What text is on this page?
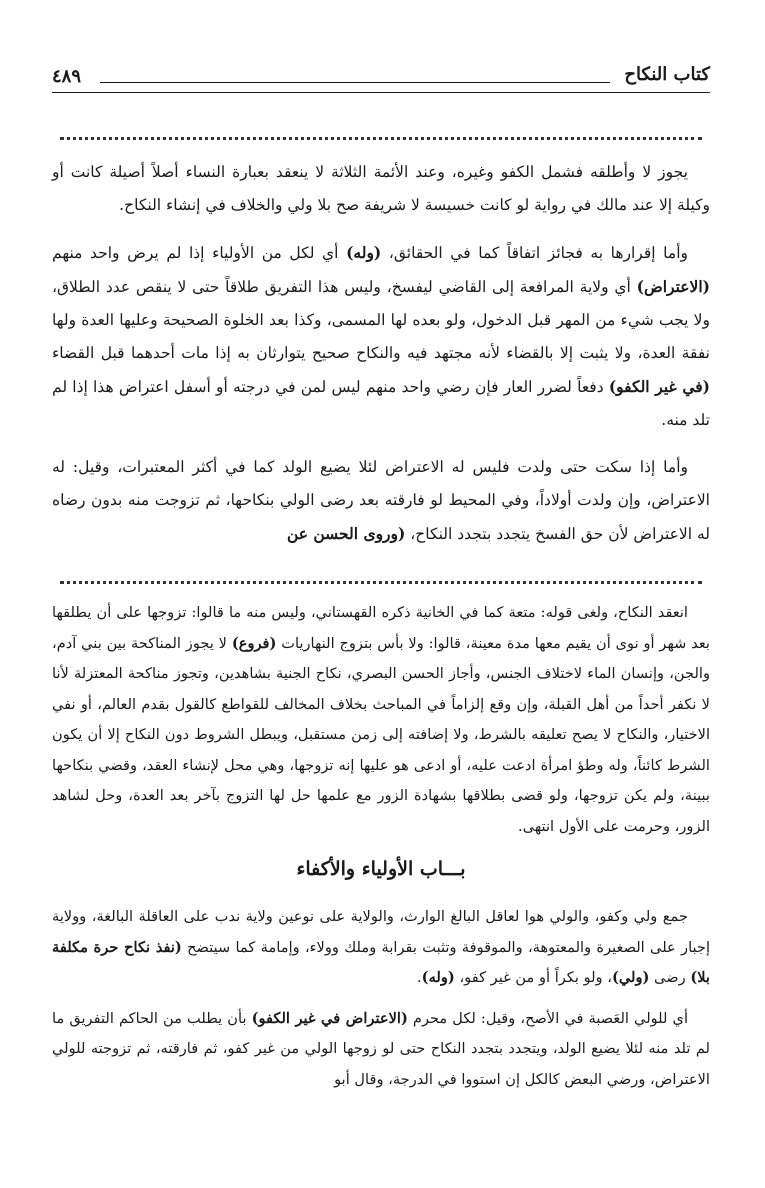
٤٨٩	كتاب النكاح

يجوز لا وأطلقه فشمل الكفو وغيره، وعند الأئمة الثلاثة لا ينعقد بعبارة النساء أصلاً أصيلة كانت أو وكيلة إلا عند مالك في رواية لو كانت خسيسة لا شريفة صح بلا ولي والخلاف في إنشاء النكاح.

وأما إقرارها به فجائز اتفاقاً كما في الحقائق، (وله) أي لكل من الأولياء إذا لم يرض واحد منهم (الاعتراض) أي ولاية المرافعة إلى القاضي ليفسخ، وليس هذا التفريق طلاقاً حتى لا ينقص عدد الطلاق، ولا يجب شيء من المهر قبل الدخول، ولو بعده لها المسمى، وكذا بعد الخلوة الصحيحة وعليها العدة ولها نفقة العدة، ولا يثبت إلا بالقضاء لأنه مجتهد فيه والنكاح صحيح يتوارثان به إذا مات أحدهما قبل القضاء (في غير الكفو) دفعاً لضرر العار فإن رضي واحد منهم ليس لمن في درجته أو أسفل اعتراض هذا إذا لم تلد منه.

وأما إذا سكت حتى ولدت فليس له الاعتراض لئلا يضيع الولد كما في أكثر المعتبرات، وقيل: له الاعتراض، وإن ولدت أولاداً، وفي المحيط لو فارقته بعد رضى الولي بنكاحها، ثم تزوجت منه بدون رضاه له الاعتراض لأن حق الفسخ يتجدد بتجدد النكاح، (وروى الحسن عن

انعقد النكاح، ولغى قوله: متعة كما في الخانية ذكره القهستاني، وليس منه ما قالوا: تزوجها على أن يطلقها بعد شهر أو نوى أن يقيم معها مدة معينة، قالوا: ولا بأس بتزوج النهاريات (فروع) لا يجوز المناكحة بين بني آدم، والجن، وإنسان الماء لاختلاف الجنس، وأجاز الحسن البصري، نكاح الجنية بشاهدين، وتجوز مناكحة المعتزلة لأنا لا نكفر أحداً من أهل القبلة، وإن وقع إلزاماً في المباحث بخلاف المخالف للقواطع كالقول بقدم العالم، أو نفي الاختيار، والنكاح لا يصح تعليقه بالشرط، ولا إضافته إلى زمن مستقبل، ويبطل الشروط دون النكاح إلا أن يكون الشرط كائناً، وله وطؤ امرأة ادعت عليه، أو ادعى هو عليها إنه تزوجها، وهي محل لإنشاء العقد، وقضي بنكاحها ببينة، ولم يكن تزوجها، ولو قضى بطلاقها بشهادة الزور مع علمها حل لها التزوج بآخر بعد العدة، وحل لشاهد الزور، وحرمت على الأول انتهى.

بـــاب الأولياء والأكفاء

جمع ولي وكفو، والولي هوا لعاقل البالغ الوارث، والولاية على نوعين ولاية ندب على العاقلة البالغة، وولاية إجبار على الصغيرة والمعتوهة، والموقوفة وتثبت بقرابة وملك وولاء، وإمامة كما سيتضح (نفذ نكاح حرة مكلفة بلا) رضى (ولي)، ولو بكراً أو من غير كفو، (وله).

أي للولي العَصبة في الأصح، وقيل: لكل محرم (الاعتراض في غير الكفو) بأن يطلب من الحاكم التفريق ما لم تلد منه لئلا يضيع الولد، ويتجدد بتجدد النكاح حتى لو زوجها الولي من غير كفو، ثم فارقته، ثم تزوجته للولي الاعتراض، ورضي البعض كالكل إن استووا في الدرجة، وقال أبو
